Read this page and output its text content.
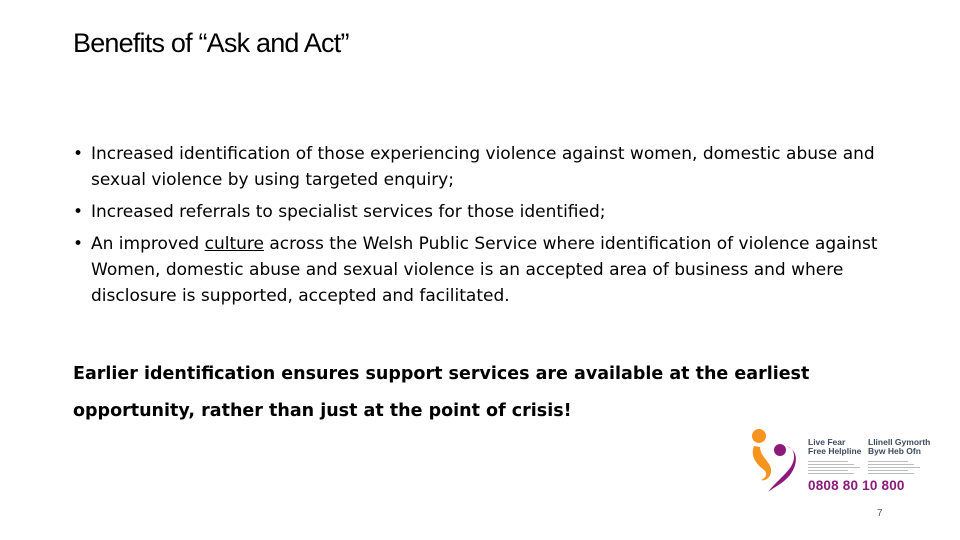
Benefits of “Ask and Act”
• Increased identification of those experiencing violence against women, domestic abuse and sexual violence by using targeted enquiry;
• Increased referrals to specialist services for those identified;
• An improved culture across the Welsh Public Service where identification of violence against Women, domestic abuse and sexual violence is an accepted area of business and where disclosure is supported, accepted and facilitated.

Earlier identification ensures support services are available at the earliest opportunity, rather than just at the point of crisis!

Live Fear
Free Helpline
Llinell Gymorth
Byw Heb Ofn
0808 80 10 800
7
